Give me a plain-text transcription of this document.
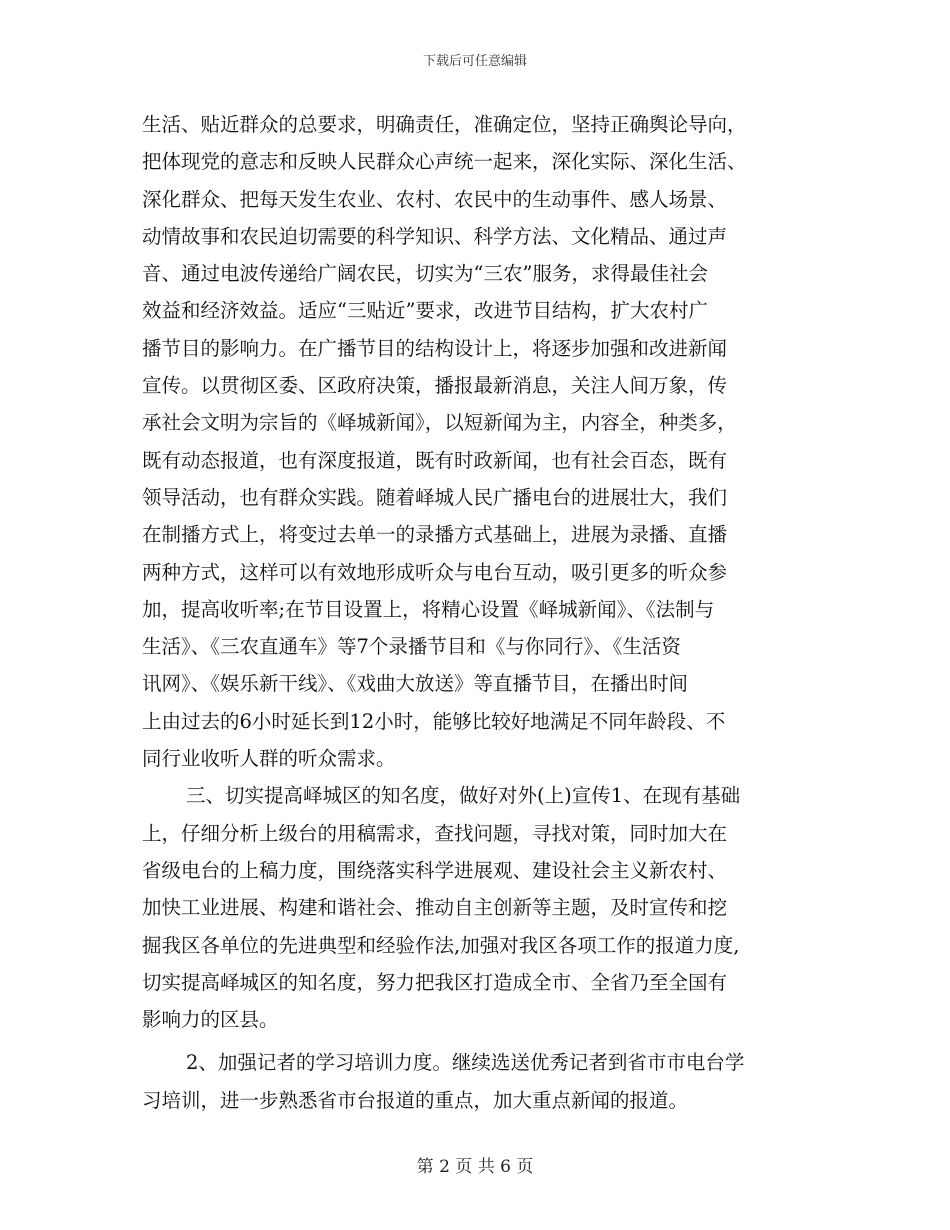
下载后可任意编辑
生活、贴近群众的总要求，明确责任，准确定位，坚持正确舆论导向，
把体现党的意志和反映人民群众心声统一起来，深化实际、深化生活、
深化群众、把每天发生农业、农村、农民中的生动事件、感人场景、
动情故事和农民迫切需要的科学知识、科学方法、文化精品、通过声
音、通过电波传递给广阔农民，切实为“三农”服务，求得最佳社会
效益和经济效益。适应“三贴近”要求，改进节目结构，扩大农村广
播节目的影响力。在广播节目的结构设计上，将逐步加强和改进新闻
宣传。以贯彻区委、区政府决策，播报最新消息，关注人间万象，传
承社会文明为宗旨的《峄城新闻》，以短新闻为主，内容全，种类多，
既有动态报道，也有深度报道，既有时政新闻，也有社会百态，既有
领导活动，也有群众实践。随着峄城人民广播电台的进展壮大，我们
在制播方式上，将变过去单一的录播方式基础上，进展为录播、直播
两种方式，这样可以有效地形成听众与电台互动，吸引更多的听众参
加，提高收听率;在节目设置上，将精心设置《峄城新闻》、《法制与
生活》、《三农直通车》等7个录播节目和《与你同行》、《生活资
讯网》、《娱乐新干线》、《戏曲大放送》等直播节目，在播出时间
上由过去的6小时延长到12小时，能够比较好地满足不同年龄段、不
同行业收听人群的听众需求。
三、切实提高峄城区的知名度，做好对外(上)宣传1、在现有基础
上，仔细分析上级台的用稿需求，查找问题，寻找对策，同时加大在
省级电台的上稿力度，围绕落实科学进展观、建设社会主义新农村、
加快工业进展、构建和谐社会、推动自主创新等主题，及时宣传和挖
掘我区各单位的先进典型和经验作法,加强对我区各项工作的报道力度,
切实提高峄城区的知名度，努力把我区打造成全市、全省乃至全国有
影响力的区县。
2、加强记者的学习培训力度。继续选送优秀记者到省市市电台学
习培训，进一步熟悉省市台报道的重点，加大重点新闻的报道。
第 2 页 共 6 页
